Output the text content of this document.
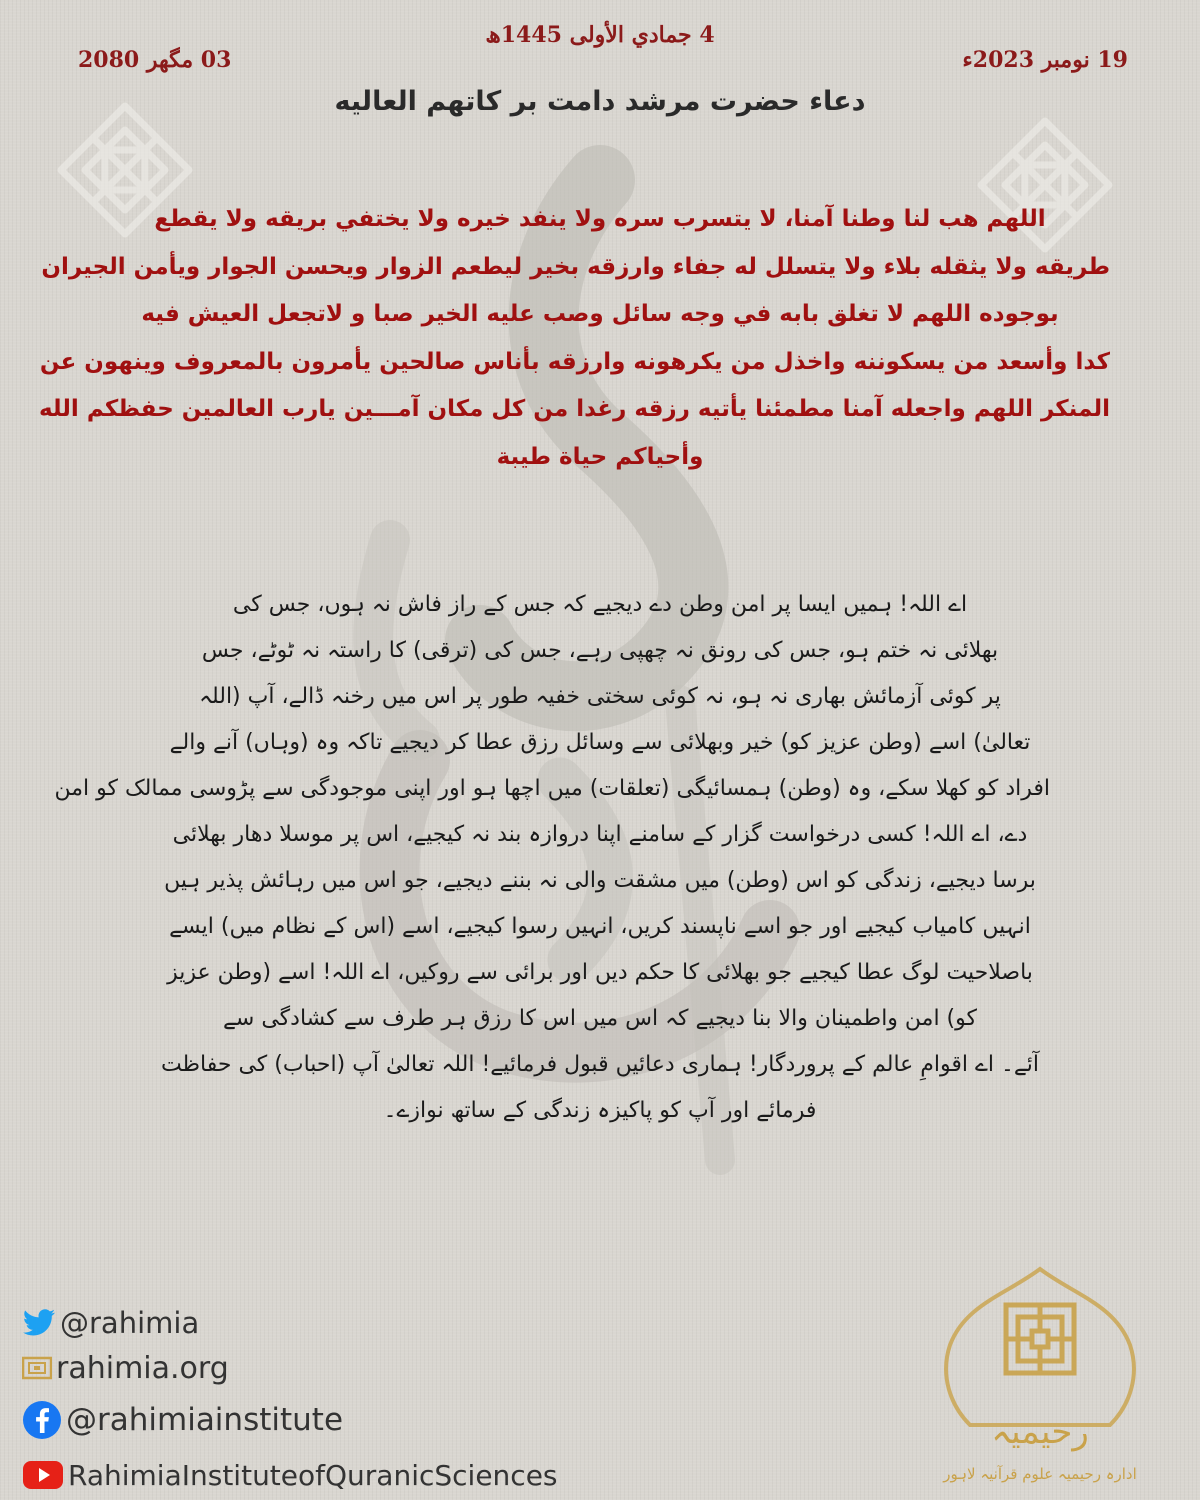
4 جمادي الأولى 1445ھ
19 نومبر 2023ء
03 مگھر 2080
دعاء حضرت مرشد دامت بر کاتھم العالیه
اللهم هب لنا وطنا آمنا، لا يتسرب سره ولا ينفد خيره ولا يختفي بريقه ولا يقطع
طريقه ولا يثقله بلاء ولا يتسلل له جفاء وارزقه بخير ليطعم الزوار ويحسن الجوار ويأمن الجيران
بوجوده اللهم لا تغلق بابه في وجه سائل وصب عليه الخير صبا و لاتجعل العيش فيه
كدا وأسعد من يسكوننه واخذل من يكرهونه وارزقه بأناس صالحين يأمرون بالمعروف وينهون عن
المنكر اللهم واجعله آمنا مطمئنا يأتيه رزقه رغدا من كل مكان آمـــين يارب العالمين حفظكم الله
وأحياكم حياة طيبة
اے اللہ! ہمیں ایسا پر امن وطن دے دیجیے کہ جس کے راز فاش نہ ہوں، جس کی
بھلائی نہ ختم ہو، جس کی رونق نہ چھپی رہے، جس کی (ترقی) کا راستہ نہ ٹوٹے، جس
پر کوئی آزمائش بھاری نہ ہو، نہ کوئی سختی خفیہ طور پر اس میں رخنہ ڈالے، آپ (اللہ
تعالیٰ) اسے (وطن عزیز کو) خیر وبھلائی سے وسائل رزق عطا کر دیجیے تاکہ وہ (وہاں) آنے والے
افراد کو کھلا سکے، وہ (وطن) ہمسائیگی (تعلقات) میں اچھا ہو اور اپنی موجودگی سے پڑوسی ممالک کو امن
دے، اے اللہ! کسی درخواست گزار کے سامنے اپنا دروازہ بند نہ کیجیے، اس پر موسلا دھار بھلائی
برسا دیجیے، زندگی کو اس (وطن) میں مشقت والی نہ بننے دیجیے، جو اس میں رہائش پذیر ہیں
انہیں کامیاب کیجیے اور جو اسے ناپسند کریں، انہیں رسوا کیجیے، اسے (اس کے نظام میں) ایسے
باصلاحیت لوگ عطا کیجیے جو بھلائی کا حکم دیں اور برائی سے روکیں، اے اللہ! اسے (وطن عزیز
کو) امن واطمینان والا بنا دیجیے کہ اس میں اس کا رزق ہر طرف سے کشادگی سے
آئے۔ اے اقوامِ عالم کے پروردگار! ہماری دعائیں قبول فرمائیے! اللہ تعالیٰ آپ (احباب) کی حفاظت
فرمائے اور آپ کو پاکیزہ زندگی کے ساتھ نوازے۔
@rahimia
rahimia.org
@rahimiainstitute
RahimiaInstituteofQuranicSciences
رحیمیہ
ادارہ رحیمیہ علوم قرآنیہ لاہور
